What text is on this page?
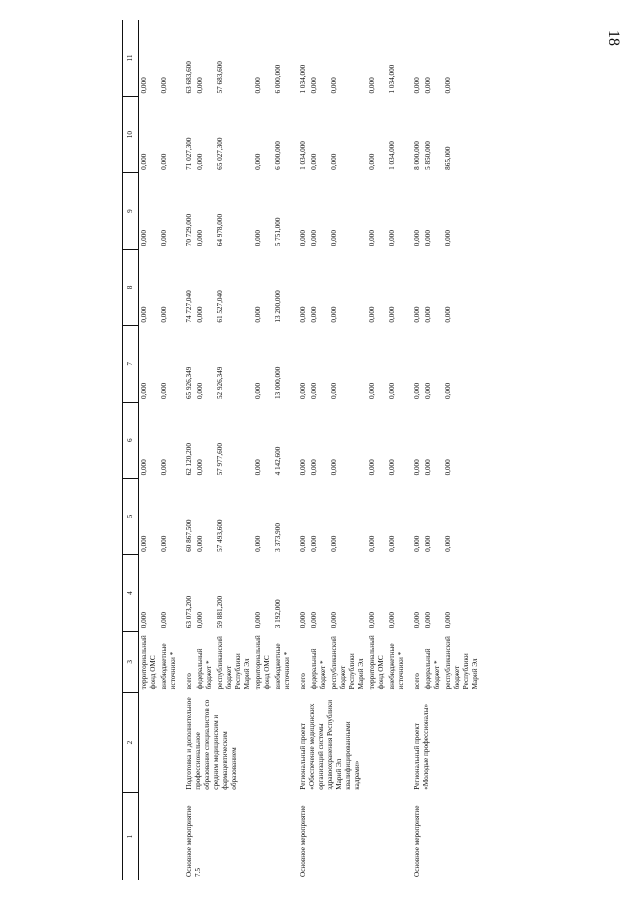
18
1	2	3	4	5	6	7	8	9	10	11
		территориальный фонд ОМС	0,000	0,000	0,000	0,000	0,000	0,000	0,000	0,000
		внебюджетные источники *	0,000	0,000	0,000	0,000	0,000	0,000	0,000	0,000
Основное мероприятие 7.5	Подготовка и дополнительное профессиональное образование специалистов со средним медицинским и фармацевтическим образованием	всего	63 073,200	60 867,500	62 120,200	65 926,349	74 727,040	70 729,000	71 027,300	63 683,600
		федеральный бюджет *	0,000	0,000	0,000	0,000	0,000	0,000	0,000	0,000
		республиканский бюджет Республики Марий Эл	59 881,200	57 493,600	57 977,600	52 926,349	61 527,040	64 978,000	65 027,300	57 683,600
		территориальный фонд ОМС	0,000	0,000	0,000	0,000	0,000	0,000	0,000	0,000
		внебюджетные источники *	3 192,000	3 373,900	4 142,600	13 000,000	13 200,000	5 751,000	6 000,000	6 000,000
Основное мероприятие	Региональный проект «Обеспечение медицинских организаций системы здравоохранения Республики Марий Эл квалифицированными кадрами»	всего	0,000	0,000	0,000	0,000	0,000	0,000	1 034,000	1 034,000
		федеральный бюджет *	0,000	0,000	0,000	0,000	0,000	0,000	0,000	0,000
		республиканский бюджет Республики Марий Эл	0,000	0,000	0,000	0,000	0,000	0,000	0,000	0,000
		территориальный фонд ОМС	0,000	0,000	0,000	0,000	0,000	0,000	0,000	0,000
		внебюджетные источники *	0,000	0,000	0,000	0,000	0,000	0,000	1 034,000	1 034,000
Основное мероприятие	Региональный проект «Молодые профессионалы»	всего	0,000	0,000	0,000	0,000	0,000	0,000	8 000,000	0,000
		федеральный бюджет *	0,000	0,000	0,000	0,000	0,000	0,000	5 850,000	0,000
		республиканский бюджет Республики Марий Эл	0,000	0,000	0,000	0,000	0,000	0,000	865,000	0,000
